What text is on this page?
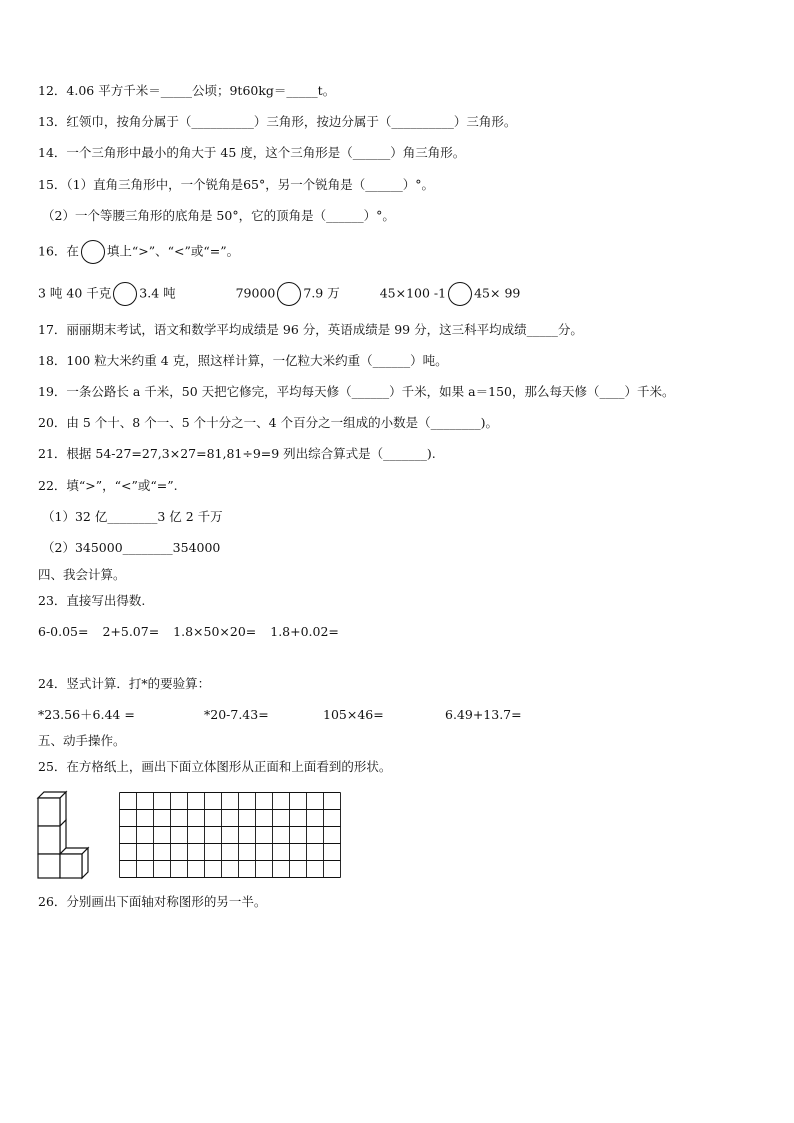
12．4.06 平方千米＝_____公顷；9t60kg＝_____t。
13．红领巾，按角分属于（__________）三角形，按边分属于（__________）三角形。
14．一个三角形中最小的角大于 45 度，这个三角形是（______）角三角形。
15．（1）直角三角形中，一个锐角是65°，另一个锐角是（______）°。
（2）一个等腰三角形的底角是 50°，它的顶角是（______）°。
16．在 填上“>”、“<”或“=”。
3 吨 40 千克 3.4 吨	79000 7.9 万	45×100 -1 45× 99
17．丽丽期末考试，语文和数学平均成绩是 96 分，英语成绩是 99 分，这三科平均成绩_____分。
18．100 粒大米约重 4 克，照这样计算，一亿粒大米约重（______）吨。
19．一条公路长 a 千米，50 天把它修完，平均每天修（______）千米，如果 a＝150，那么每天修（____）千米。
20．由 5 个十、8 个一、5 个十分之一、4 个百分之一组成的小数是（________)。
21．根据 54-27=27,3×27=81,81÷9=9 列出综合算式是（_______).
22．填“>”，“<”或“=”.
（1）32 亿________3 亿 2 千万
（2）345000________354000
四、我会计算。
23．直接写出得数.
6-0.05= 2+5.07= 1.8×50×20= 1.8+0.02=
24．竖式计算．打*的要验算：
*23.56＋6.44 =	*20-7.43=	105×46=	6.49+13.7=
五、动手操作。
25．在方格纸上，画出下面立体图形从正面和上面看到的形状。
26．分别画出下面轴对称图形的另一半。
